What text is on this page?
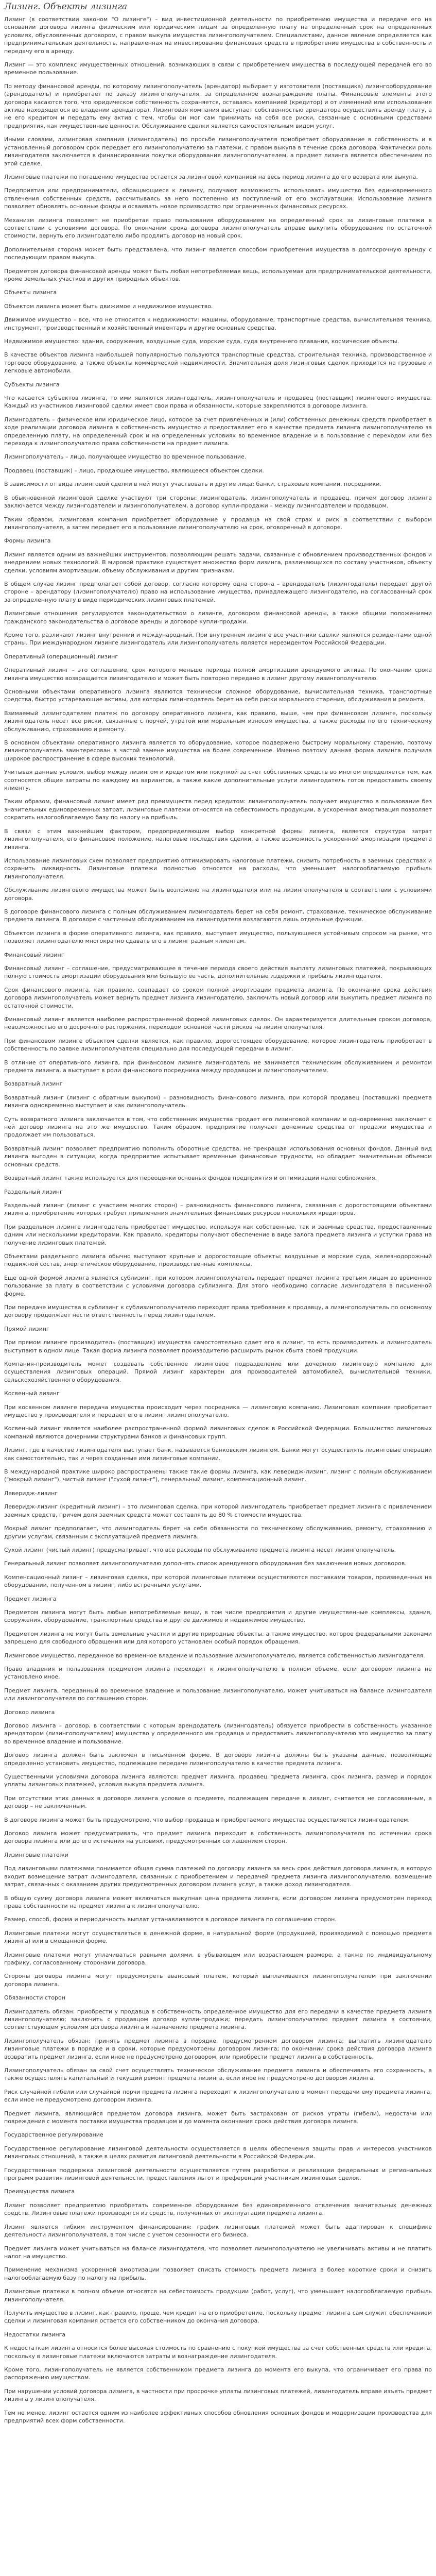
Лизинг. Объекты лизинга

Лизинг (в соответствии законом "О лизинге") – вид инвестиционной деятельности по приобретению имущества и передаче его на основании договора лизинга физическим или юридическим лицам за определенную плату на определенный срок на определенных условиях, обусловленных договором, с правом выкупа имущества лизингополучателем. Специалистами, данное явление определяется как предпринимательская деятельность, направленная на инвестирование финансовых средств в приобретение имущества в собственность и передачу его в аренду.

Лизинг — это комплекс имущественных отношений, возникающих в связи с приобретением имущества в последующей передачей его во временное пользование.

По методу финансовой аренды, по которому лизингополучатель (арендатор) выбирает у изготовителя (поставщика) лизингооборудование (арендодатель) и приобретает по заказу лизингополучателя, за определенное вознаграждение платы. Финансовые элементы этого договора касаются того, что юридическое собственность сохраняется, оставаясь компанией (кредитор) и от изменений или использования актива находящегося во владении арендатора). Лизинговая компания выступает собственностью арендатора осуществить аренду плату, а не его кредитом и передать ему актив с тем, чтобы он мог сам принимать на себя все риски, связанные с основными средствами предприятия, как имущественные ценности. Обслуживание сделки является самостоятельным видом услуг.

Иными словами, лизинговая компания (лизингодатель) по просьбе лизингополучателя приобретает оборудование в собственность и в установленный договором срок передает его лизингополучателю за платежи, с правом выкупа в течение срока договора. Фактически роль лизингодателя заключается в финансировании покупки оборудования лизингополучателем, а предмет лизинга является обеспечением по этой сделке.

Лизинговые платежи по погашению имущества остается за лизинговой компанией на весь период лизинга до его возврата или выкупа.

Предприятия или предприниматели, обращающиеся к лизингу, получают возможность использовать имущество без единовременного отвлечения собственных средств, рассчитываясь за него постепенно из поступлений от его эксплуатации. Использование лизинга позволяет обновлять основные фонды и осваивать новое производство при ограниченных финансовых ресурсах.

Механизм лизинга позволяет не приобретая право пользования оборудованием на определенный срок за лизинговые платежи в соответствии с условиями договора. По окончании срока договора лизингополучатель вправе выкупить оборудование по остаточной стоимости, вернуть его лизингодателю либо продлить договор на новый срок.

Дополнительная сторона может быть представлена, что лизинг является способом приобретения имущества в долгосрочную аренду с последующим правом выкупа.

Предметом договора финансовой аренды может быть любая непотребляемая вещь, используемая для предпринимательской деятельности, кроме земельных участков и других природных объектов.

Объекты лизинга

Объектом лизинга может быть движимое и недвижимое имущество.

Движимое имущество – все, что не относится к недвижимости: машины, оборудование, транспортные средства, вычислительная техника, инструмент, производственный и хозяйственный инвентарь и другие основные средства.

Недвижимое имущество: здания, сооружения, воздушные суда, морские суда, суда внутреннего плавания, космические объекты.

В качестве объектов лизинга наибольшей популярностью пользуются транспортные средства, строительная техника, производственное и торговое оборудование, а также объекты коммерческой недвижимости. Значительная доля лизинговых сделок приходится на грузовые и легковые автомобили.

Субъекты лизинга

Что касается субъектов лизинга, то ими являются лизингодатель, лизингополучатель и продавец (поставщик) лизингового имущества. Каждый из участников лизинговой сделки имеет свои права и обязанности, которые закрепляются в договоре лизинга.

Лизингодатель – физическое или юридическое лицо, которое за счет привлеченных и (или) собственных денежных средств приобретает в ходе реализации договора лизинга в собственность имущество и предоставляет его в качестве предмета лизинга лизингополучателю за определенную плату, на определенный срок и на определенных условиях во временное владение и в пользование с переходом или без перехода к лизингополучателю права собственности на предмет лизинга.

Лизингополучатель – лицо, получающее имущество во временное пользование.

Продавец (поставщик) – лицо, продающее имущество, являющееся объектом сделки.

В зависимости от вида лизинговой сделки в ней могут участвовать и другие лица: банки, страховые компании, посредники.

В обыкновенной лизинговой сделке участвуют три стороны: лизингодатель, лизингополучатель и продавец, причем договор лизинга заключается между лизингодателем и лизингополучателем, а договор купли-продажи – между лизингодателем и продавцом.

Таким образом, лизинговая компания приобретает оборудование у продавца на свой страх и риск в соответствии с выбором лизингополучателя, а затем передает его в пользование лизингополучателю на срок, оговоренный в договоре.

Формы лизинга

Лизинг является одним из важнейших инструментов, позволяющим решать задачи, связанные с обновлением производственных фондов и внедрением новых технологий. В мировой практике существует множество форм лизинга, различающихся по составу участников, объекту сделки, условиям амортизации, объему обслуживания и другим признакам.

В общем случае лизинг предполагает собой договор, согласно которому одна сторона – арендодатель (лизингодатель) передает другой стороне – арендатору (лизингополучателю) право на использование имущества, принадлежащего лизингодателю, на согласованный срок за определенную плату в виде периодических лизинговых платежей.

Лизинговые отношения регулируются законодательством о лизинге, договором финансовой аренды, а также общими положениями гражданского законодательства о договоре аренды и договоре купли-продажи.

Кроме того, различают лизинг внутренний и международный. При внутреннем лизинге все участники сделки являются резидентами одной страны. При международном лизинге лизингодатель или лизингополучатель является нерезидентом Российской Федерации.

Оперативный (операционный) лизинг

Оперативный лизинг – это соглашение, срок которого меньше периода полной амортизации арендуемого актива. По окончании срока лизинга имущество возвращается лизингодателю и может быть повторно передано в лизинг другому лизингополучателю.

Основными объектами оперативного лизинга являются технически сложное оборудование, вычислительная техника, транспортные средства, быстро устаревающие активы, для которых лизингодатель берет на себя риски морального старения, обслуживания и ремонта.

Взимаемый лизингодателем платеж по договору оперативного лизинга, как правило, выше, чем при финансовом лизинге, поскольку лизингодатель несет все риски, связанные с порчей, утратой или моральным износом имущества, а также расходы по его техническому обслуживанию, страхованию и ремонту.

В основном объектами оперативного лизинга является то оборудование, которое подвержено быстрому моральному старению, поэтому лизингополучатель заинтересован в частой замене имущества на более современное. Именно поэтому данная форма лизинга получила широкое распространение в сфере высоких технологий.

Учитывая данные условия, выбор между лизингом и кредитом или покупкой за счет собственных средств во многом определяется тем, как соотносятся общие затраты по каждому из вариантов, а также какие дополнительные услуги лизингодатель готов предоставить своему клиенту.

Таким образом, финансовый лизинг имеет ряд преимуществ перед кредитом: лизингополучатель получает имущество в пользование без значительных единовременных затрат, лизинговые платежи относятся на себестоимость продукции, а ускоренная амортизация позволяет сократить налогооблагаемую базу по налогу на прибыль.

В связи с этим важнейшим фактором, предопределяющим выбор конкретной формы лизинга, является структура затрат лизингополучателя, его финансовое положение, налоговые последствия сделки, а также возможность ускоренной амортизации предмета лизинга.

Использование лизинговых схем позволяет предприятию оптимизировать налоговые платежи, снизить потребность в заемных средствах и сохранить ликвидность. Лизинговые платежи полностью относятся на расходы, что уменьшает налогооблагаемую прибыль лизингополучателя.

Обслуживание лизингового имущества может быть возложено на лизингодателя или на лизингополучателя в соответствии с условиями договора.

В договоре финансового лизинга с полным обслуживанием лизингодатель берет на себя ремонт, страхование, техническое обслуживание предмета лизинга. В договоре с частичным обслуживанием на лизингодателя возлагаются лишь отдельные функции.

Объектом лизинга в форме оперативного лизинга, как правило, выступает имущество, пользующееся устойчивым спросом на рынке, что позволяет лизингодателю многократно сдавать его в лизинг разным клиентам.

Финансовый лизинг

Финансовый лизинг – соглашение, предусматривающее в течение периода своего действия выплату лизинговых платежей, покрывающих полную стоимость амортизации оборудования или большую ее часть, дополнительные издержки и прибыль лизингодателя.

Срок финансового лизинга, как правило, совпадает со сроком полной амортизации предмета лизинга. По окончании срока действия договора лизингополучатель может вернуть предмет лизинга лизингодателю, заключить новый договор или выкупить предмет лизинга по остаточной стоимости.

Финансовый лизинг является наиболее распространенной формой лизинговых сделок. Он характеризуется длительным сроком договора, невозможностью его досрочного расторжения, переходом основной части рисков на лизингополучателя.

При финансовом лизинге объектом сделки является, как правило, дорогостоящее оборудование, которое лизингодатель приобретает в собственность по заявке лизингополучателя специально для последующей передачи в лизинг.

В отличие от оперативного лизинга, при финансовом лизинге лизингодатель не занимается техническим обслуживанием и ремонтом предмета лизинга, а выступает в роли финансового посредника между продавцом и лизингополучателем.

Возвратный лизинг

Возвратный лизинг (лизинг с обратным выкупом) – разновидность финансового лизинга, при которой продавец (поставщик) предмета лизинга одновременно выступает и как лизингополучатель.

Суть возвратного лизинга заключается в том, что собственник имущества продает его лизинговой компании и одновременно заключает с ней договор лизинга на это же имущество. Таким образом, предприятие получает денежные средства от продажи имущества и продолжает им пользоваться.

Возвратный лизинг позволяет предприятию пополнить оборотные средства, не прекращая использования основных фондов. Данный вид лизинга выгоден в ситуации, когда предприятие испытывает временные финансовые трудности, но обладает значительным объемом основных средств.

Возвратный лизинг также используется для переоценки основных фондов предприятия и оптимизации налогообложения.

Раздельный лизинг

Раздельный лизинг (лизинг с участием многих сторон) – разновидность финансового лизинга, связанная с дорогостоящими объектами лизинга, приобретение которых требует привлечения значительных финансовых ресурсов нескольких кредиторов.

При раздельном лизинге лизингодатель приобретает имущество, используя как собственные, так и заемные средства, предоставленные одним или несколькими кредиторами. Как правило, кредиторы получают обеспечение в виде залога предмета лизинга и уступки права на получение лизинговых платежей.

Объектами раздельного лизинга обычно выступают крупные и дорогостоящие объекты: воздушные и морские суда, железнодорожный подвижной состав, энергетическое оборудование, производственные комплексы.

Еще одной формой лизинга является сублизинг, при котором лизингополучатель передает предмет лизинга третьим лицам во временное пользование за плату в соответствии с условиями договора сублизинга. Для этого необходимо согласие лизингодателя в письменной форме.

При передаче имущества в сублизинг к сублизингополучателю переходят права требования к продавцу, а лизингополучатель по основному договору продолжает нести ответственность перед лизингодателем.

Прямой лизинг

При прямом лизинге производитель (поставщик) имущества самостоятельно сдает его в лизинг, то есть производитель и лизингодатель выступают в одном лице. Такая форма лизинга позволяет производителю расширить рынок сбыта своей продукции.

Компания-производитель может создавать собственное лизинговое подразделение или дочернюю лизинговую компанию для осуществления лизинговых операций. Прямой лизинг характерен для производителей автомобилей, вычислительной техники, сельскохозяйственного оборудования.

Косвенный лизинг

При косвенном лизинге передача имущества происходит через посредника — лизинговую компанию. Лизинговая компания приобретает имущество у производителя и передает его в лизинг лизингополучателю.

Косвенный лизинг является наиболее распространенной формой лизинговых сделок в Российской Федерации. Большинство лизинговых компаний являются дочерними структурами банков и финансовых групп.

Лизинг, где в качестве лизингодателя выступает банк, называется банковским лизингом. Банки могут осуществлять лизинговые операции как самостоятельно, так и через созданные ими лизинговые компании.

В международной практике широко распространены также такие формы лизинга, как леверидж-лизинг, лизинг с полным обслуживанием ("мокрый лизинг"), чистый лизинг ("сухой лизинг"), генеральный лизинг, компенсационный лизинг.

Леверидж-лизинг

Леверидж-лизинг (кредитный лизинг) – это лизинговая сделка, при которой лизингодатель приобретает предмет лизинга с привлечением заемных средств, причем доля заемных средств может составлять до 80 % стоимости имущества.

Мокрый лизинг предполагает, что лизингодатель берет на себя обязанности по техническому обслуживанию, ремонту, страхованию и другим услугам, связанным с эксплуатацией предмета лизинга.

Сухой лизинг (чистый лизинг) предусматривает, что все расходы по обслуживанию предмета лизинга несет лизингополучатель.

Генеральный лизинг позволяет лизингополучателю дополнять список арендуемого оборудования без заключения новых договоров.

Компенсационный лизинг – лизинговая сделка, при которой лизинговые платежи осуществляются поставками товаров, произведенных на оборудовании, полученном в лизинг, либо встречными услугами.

Предмет лизинга

Предметом лизинга могут быть любые непотребляемые вещи, в том числе предприятия и другие имущественные комплексы, здания, сооружения, оборудование, транспортные средства и другое движимое и недвижимое имущество.

Предметом лизинга не могут быть земельные участки и другие природные объекты, а также имущество, которое федеральными законами запрещено для свободного обращения или для которого установлен особый порядок обращения.

Лизинговое имущество, переданное во временное владение и пользование лизингополучателю, является собственностью лизингодателя.

Право владения и пользования предметом лизинга переходит к лизингополучателю в полном объеме, если договором лизинга не установлено иное.

Предмет лизинга, переданный во временное владение и пользование лизингополучателю, может учитываться на балансе лизингодателя или лизингополучателя по соглашению сторон.

Договор лизинга

Договор лизинга – договор, в соответствии с которым арендодатель (лизингодатель) обязуется приобрести в собственность указанное арендатором (лизингополучателем) имущество у определенного им продавца и предоставить лизингополучателю это имущество за плату во временное владение и пользование.

Договор лизинга должен быть заключен в письменной форме. В договоре лизинга должны быть указаны данные, позволяющие определенно установить имущество, подлежащее передаче лизингополучателю в качестве предмета лизинга.

Существенными условиями договора лизинга являются: предмет лизинга, продавец предмета лизинга, срок лизинга, размер и порядок уплаты лизинговых платежей, условия выкупа предмета лизинга.

При отсутствии этих данных в договоре лизинга условие о предмете, подлежащем передаче в лизинг, считается не согласованным, а договор – не заключенным.

В договоре лизинга может быть предусмотрено, что выбор продавца и приобретаемого имущества осуществляется лизингодателем.

Договор лизинга может предусматривать, что предмет лизинга переходит в собственность лизингополучателя по истечении срока договора лизинга или до его истечения на условиях, предусмотренных соглашением сторон.

Лизинговые платежи

Под лизинговыми платежами понимается общая сумма платежей по договору лизинга за весь срок действия договора лизинга, в которую входит возмещение затрат лизингодателя, связанных с приобретением и передачей предмета лизинга лизингополучателю, возмещение затрат, связанных с оказанием других предусмотренных договором лизинга услуг, а также доход лизингодателя.

В общую сумму договора лизинга может включаться выкупная цена предмета лизинга, если договором лизинга предусмотрен переход права собственности на предмет лизинга к лизингополучателю.

Размер, способ, форма и периодичность выплат устанавливаются в договоре лизинга по соглашению сторон.

Лизинговые платежи могут осуществляться в денежной форме, в натуральной форме (продукцией, производимой с помощью предмета лизинга) или в смешанной форме.

Лизинговые платежи могут уплачиваться равными долями, в убывающем или возрастающем размере, а также по индивидуальному графику, согласованному сторонами договора.

Стороны договора лизинга могут предусмотреть авансовый платеж, который выплачивается лизингополучателем при заключении договора лизинга.

Обязанности сторон

Лизингодатель обязан: приобрести у продавца в собственность определенное имущество для его передачи в качестве предмета лизинга лизингополучателю; заключить с продавцом договор купли-продажи; передать лизингополучателю предмет лизинга в состоянии, соответствующем условиям договора лизинга и назначению предмета лизинга.

Лизингополучатель обязан: принять предмет лизинга в порядке, предусмотренном договором лизинга; выплатить лизингодателю лизинговые платежи в порядке и в сроки, которые предусмотрены договором лизинга; по окончании срока действия договора лизинга возвратить предмет лизинга, если иное не предусмотрено договором, или приобрести предмет лизинга в собственность.

Лизингополучатель обязан за свой счет осуществлять техническое обслуживание предмета лизинга и обеспечивать его сохранность, а также осуществлять капитальный и текущий ремонт предмета лизинга, если иное не предусмотрено договором лизинга.

Риск случайной гибели или случайной порчи предмета лизинга переходит к лизингополучателю в момент передачи ему предмета лизинга, если иное не предусмотрено договором лизинга.

Предмет лизинга, являющийся предметом договора лизинга, может быть застрахован от рисков утраты (гибели), недостачи или повреждения с момента поставки имущества продавцом и до момента окончания срока действия договора лизинга.

Государственное регулирование

Государственное регулирование лизинговой деятельности осуществляется в целях обеспечения защиты прав и интересов участников лизинговых отношений, а также в целях развития лизинговой деятельности в Российской Федерации.

Государственная поддержка лизинговой деятельности осуществляется путем разработки и реализации федеральных и региональных программ развития лизинговой деятельности, предоставления льгот и преференций участникам лизинговых сделок.

Преимущества лизинга

Лизинг позволяет предприятию приобретать современное оборудование без единовременного отвлечения значительных денежных средств. Лизинговые платежи производятся из средств, полученных от эксплуатации предмета лизинга.

Лизинг является гибким инструментом финансирования: график лизинговых платежей может быть адаптирован к специфике деятельности лизингополучателя, в том числе с учетом сезонности его бизнеса.

Предмет лизинга может учитываться на балансе лизингодателя, что позволяет лизингополучателю не увеличивать активы и не платить налог на имущество.

Применение механизма ускоренной амортизации позволяет списать стоимость предмета лизинга в более короткие сроки и снизить налогооблагаемую базу по налогу на прибыль.

Лизинговые платежи в полном объеме относятся на себестоимость продукции (работ, услуг), что уменьшает налогооблагаемую прибыль лизингополучателя.

Получить имущество в лизинг, как правило, проще, чем кредит на его приобретение, поскольку предмет лизинга сам служит обеспечением сделки и лизинговая компания остается его собственником до окончания договора.

Недостатки лизинга

К недостаткам лизинга относится более высокая стоимость по сравнению с покупкой имущества за счет собственных средств или кредита, поскольку в лизинговые платежи включаются затраты и вознаграждение лизингодателя.

Кроме того, лизингополучатель не является собственником предмета лизинга до момента его выкупа, что ограничивает его права по распоряжению имуществом.

При нарушении условий договора лизинга, в частности при просрочке уплаты лизинговых платежей, лизингодатель вправе изъять предмет лизинга у лизингополучателя.

Тем не менее, лизинг остается одним из наиболее эффективных способов обновления основных фондов и модернизации производства для предприятий всех форм собственности.
